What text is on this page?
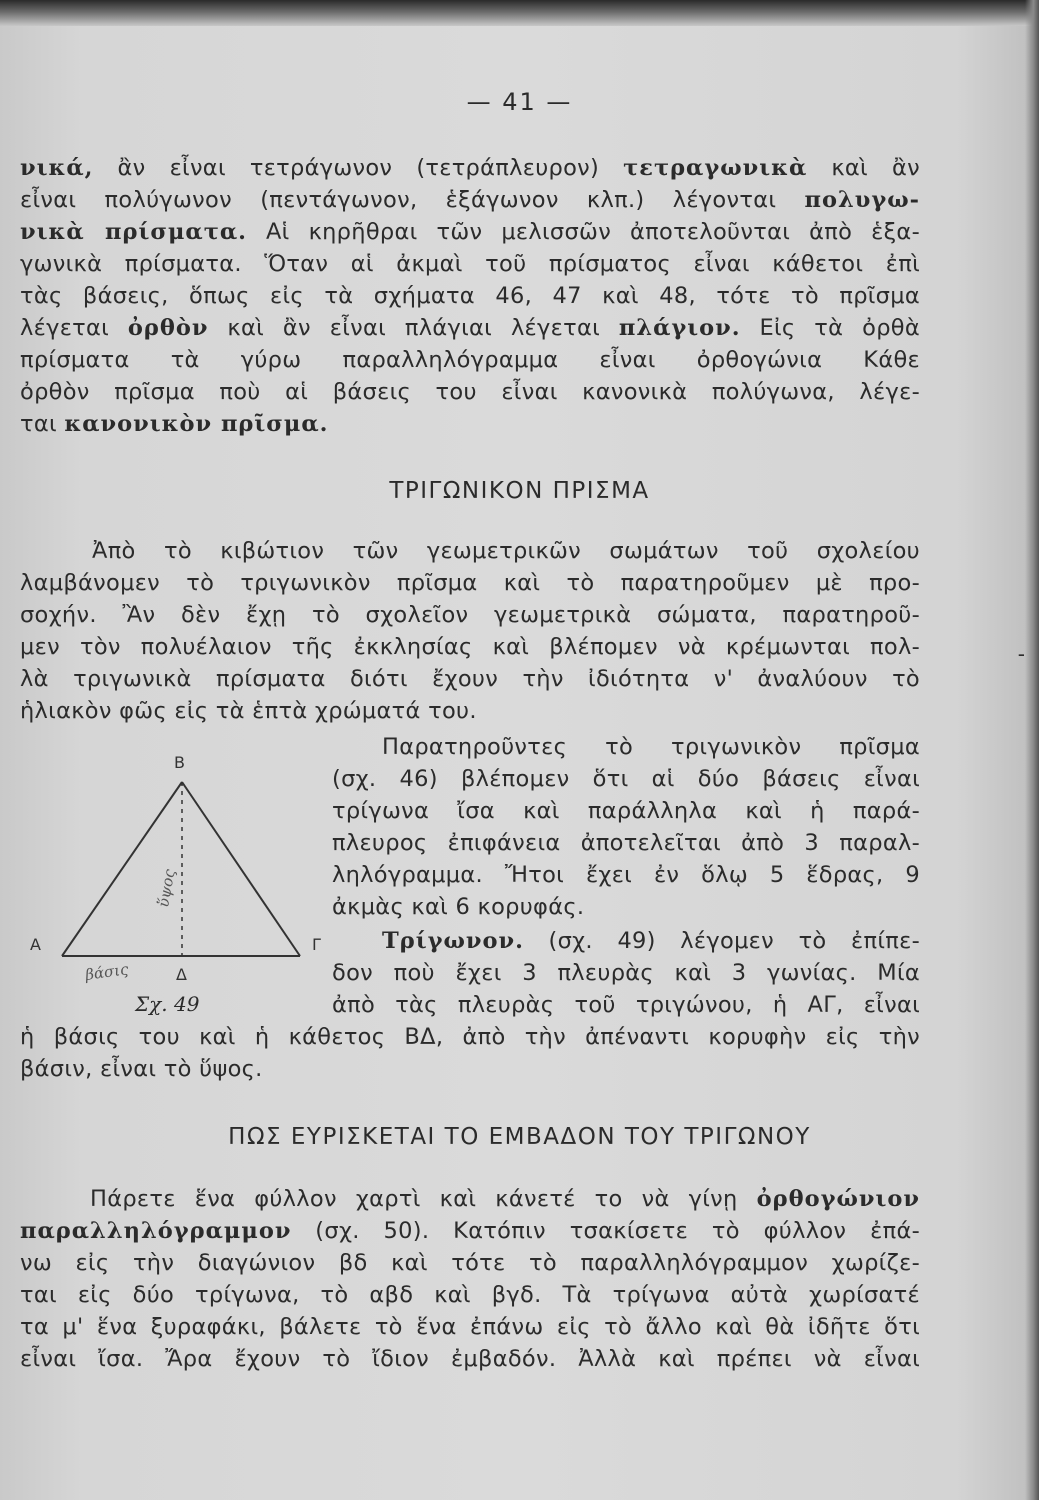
— 41 —
νικά, ἂν εἶναι τετράγωνον (τετράπλευρον) τετραγωνικὰ καὶ ἂν
εἶναι πολύγωνον (πεντάγωνον, ἑξάγωνον κλπ.) λέγονται πολυγω-
νικὰ πρίσματα. Αἱ κηρῆθραι τῶν μελισσῶν ἀποτελοῦνται ἀπὸ ἑξα-
γωνικὰ πρίσματα. Ὅταν αἱ ἀκμαὶ τοῦ πρίσματος εἶναι κάθετοι ἐπὶ
τὰς βάσεις, ὅπως εἰς τὰ σχήματα 46, 47 καὶ 48, τότε τὸ πρῖσμα
λέγεται ὀρθὸν καὶ ἂν εἶναι πλάγιαι λέγεται πλάγιον. Εἰς τὰ ὀρθὰ
πρίσματα τὰ γύρω παραλληλόγραμμα εἶναι ὀρθογώνια Κάθε
ὀρθὸν πρῖσμα ποὺ αἱ βάσεις του εἶναι κανονικὰ πολύγωνα, λέγε-
ται κανονικὸν πρῖσμα.
ΤΡΙΓΩΝΙΚΟΝ ΠΡΙΣΜΑ
Ἀπὸ τὸ κιβώτιον τῶν γεωμετρικῶν σωμάτων τοῦ σχολείου
λαμβάνομεν τὸ τριγωνικὸν πρῖσμα καὶ τὸ παρατηροῦμεν μὲ προ-
σοχήν. Ἂν δὲν ἔχῃ τὸ σχολεῖον γεωμετρικὰ σώματα, παρατηροῦ-
μεν τὸν πολυέλαιον τῆς ἐκκλησίας καὶ βλέπομεν νὰ κρέμωνται πολ-
λὰ τριγωνικὰ πρίσματα διότι ἔχουν τὴν ἰδιότητα ν' ἀναλύουν τὸ
ἡλιακὸν φῶς εἰς τὰ ἑπτὰ χρώματά του.
Β
Α	Γ
Δ
ὕψος
βάσις
Σχ. 49
Παρατηροῦντες τὸ τριγωνικὸν πρῖσμα
(σχ. 46) βλέπομεν ὅτι αἱ δύο βάσεις εἶναι
τρίγωνα ἴσα καὶ παράλληλα καὶ ἡ παρά-
πλευρος ἐπιφάνεια ἀποτελεῖται ἀπὸ 3 παραλ-
ληλόγραμμα. Ἤτοι ἔχει ἐν ὅλῳ 5 ἕδρας, 9
ἀκμὰς καὶ 6 κορυφάς.
Τρίγωνον. (σχ. 49) λέγομεν τὸ ἐπίπε-
δον ποὺ ἔχει 3 πλευρὰς καὶ 3 γωνίας. Μία
ἀπὸ τὰς πλευρὰς τοῦ τριγώνου, ἡ ΑΓ, εἶναι
ἡ βάσις του καὶ ἡ κάθετος ΒΔ, ἀπὸ τὴν ἀπέναντι κορυφὴν εἰς τὴν
βάσιν, εἶναι τὸ ὕψος.
ΠΩΣ ΕΥΡΙΣΚΕΤΑΙ ΤΟ ΕΜΒΑΔΟΝ ΤΟΥ ΤΡΙΓΩΝΟΥ
Πάρετε ἕνα φύλλον χαρτὶ καὶ κάνετέ το νὰ γίνῃ ὀρθογώνιον
παραλληλόγραμμον (σχ. 50). Κατόπιν τσακίσετε τὸ φύλλον ἐπά-
νω εἰς τὴν διαγώνιον βδ καὶ τότε τὸ παραλληλόγραμμον χωρίζε-
ται εἰς δύο τρίγωνα, τὸ αβδ καὶ βγδ. Τὰ τρίγωνα αὐτὰ χωρίσατέ
τα μ' ἕνα ξυραφάκι, βάλετε τὸ ἕνα ἐπάνω εἰς τὸ ἄλλο καὶ θὰ ἰδῆτε ὅτι
εἶναι ἴσα. Ἄρα ἔχουν τὸ ἴδιον ἐμβαδόν. Ἀλλὰ καὶ πρέπει νὰ εἶναι
-
